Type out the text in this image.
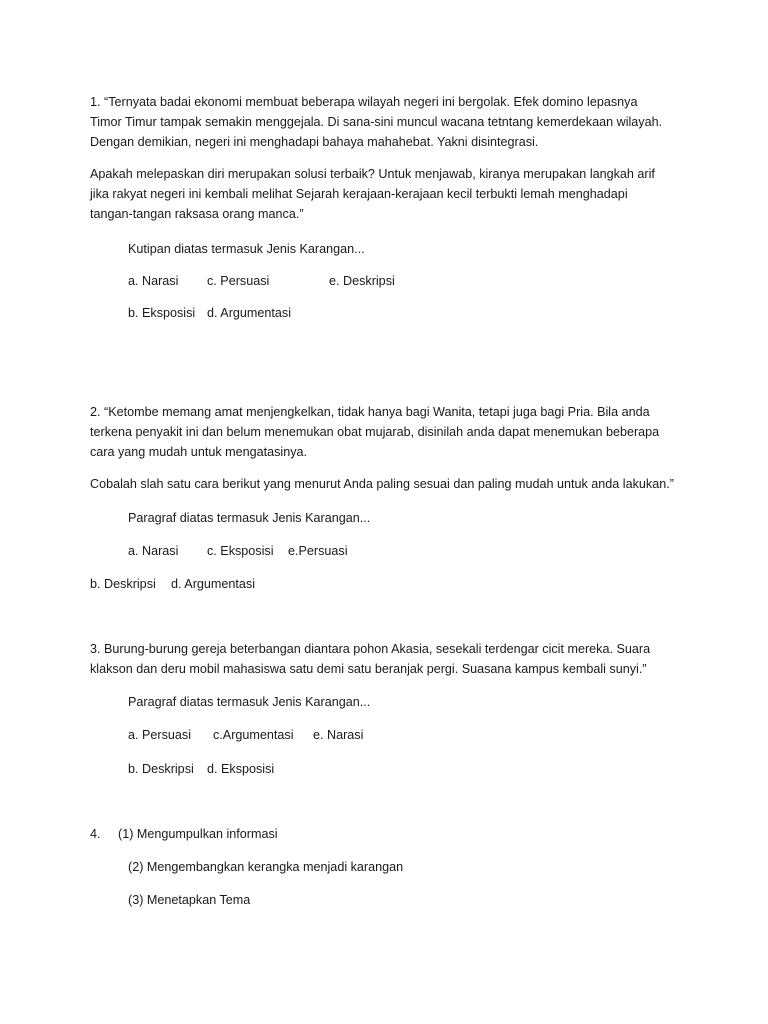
1. “Ternyata badai ekonomi membuat beberapa wilayah negeri ini bergolak. Efek domino lepasnya
Timor Timur tampak semakin menggejala. Di sana-sini muncul wacana tetntang kemerdekaan wilayah.
Dengan demikian, negeri ini menghadapi bahaya mahahebat. Yakni disintegrasi.
Apakah melepaskan diri merupakan solusi terbaik? Untuk menjawab, kiranya merupakan langkah arif
jika rakyat negeri ini kembali melihat Sejarah kerajaan-kerajaan kecil terbukti lemah menghadapi
tangan-tangan raksasa orang manca.”
Kutipan diatas termasuk Jenis Karangan...
a. Narasi c. Persuasi	e. Deskripsi
b. Eksposisi d. Argumentasi
2. “Ketombe memang amat menjengkelkan, tidak hanya bagi Wanita, tetapi juga bagi Pria. Bila anda
terkena penyakit ini dan belum menemukan obat mujarab, disinilah anda dapat menemukan beberapa
cara yang mudah untuk mengatasinya.
Cobalah slah satu cara berikut yang menurut Anda paling sesuai dan paling mudah untuk anda lakukan.”
Paragraf diatas termasuk Jenis Karangan...
a. Narasi c. Eksposisi e.Persuasi
b. Deskripsi d. Argumentasi
3. Burung-burung gereja beterbangan diantara pohon Akasia, sesekali terdengar cicit mereka. Suara
klakson dan deru mobil mahasiswa satu demi satu beranjak pergi. Suasana kampus kembali sunyi.”
Paragraf diatas termasuk Jenis Karangan...
a. Persuasi c.Argumentasi e. Narasi
b. Deskripsi d. Eksposisi
4. (1) Mengumpulkan informasi
(2) Mengembangkan kerangka menjadi karangan
(3) Menetapkan Tema
